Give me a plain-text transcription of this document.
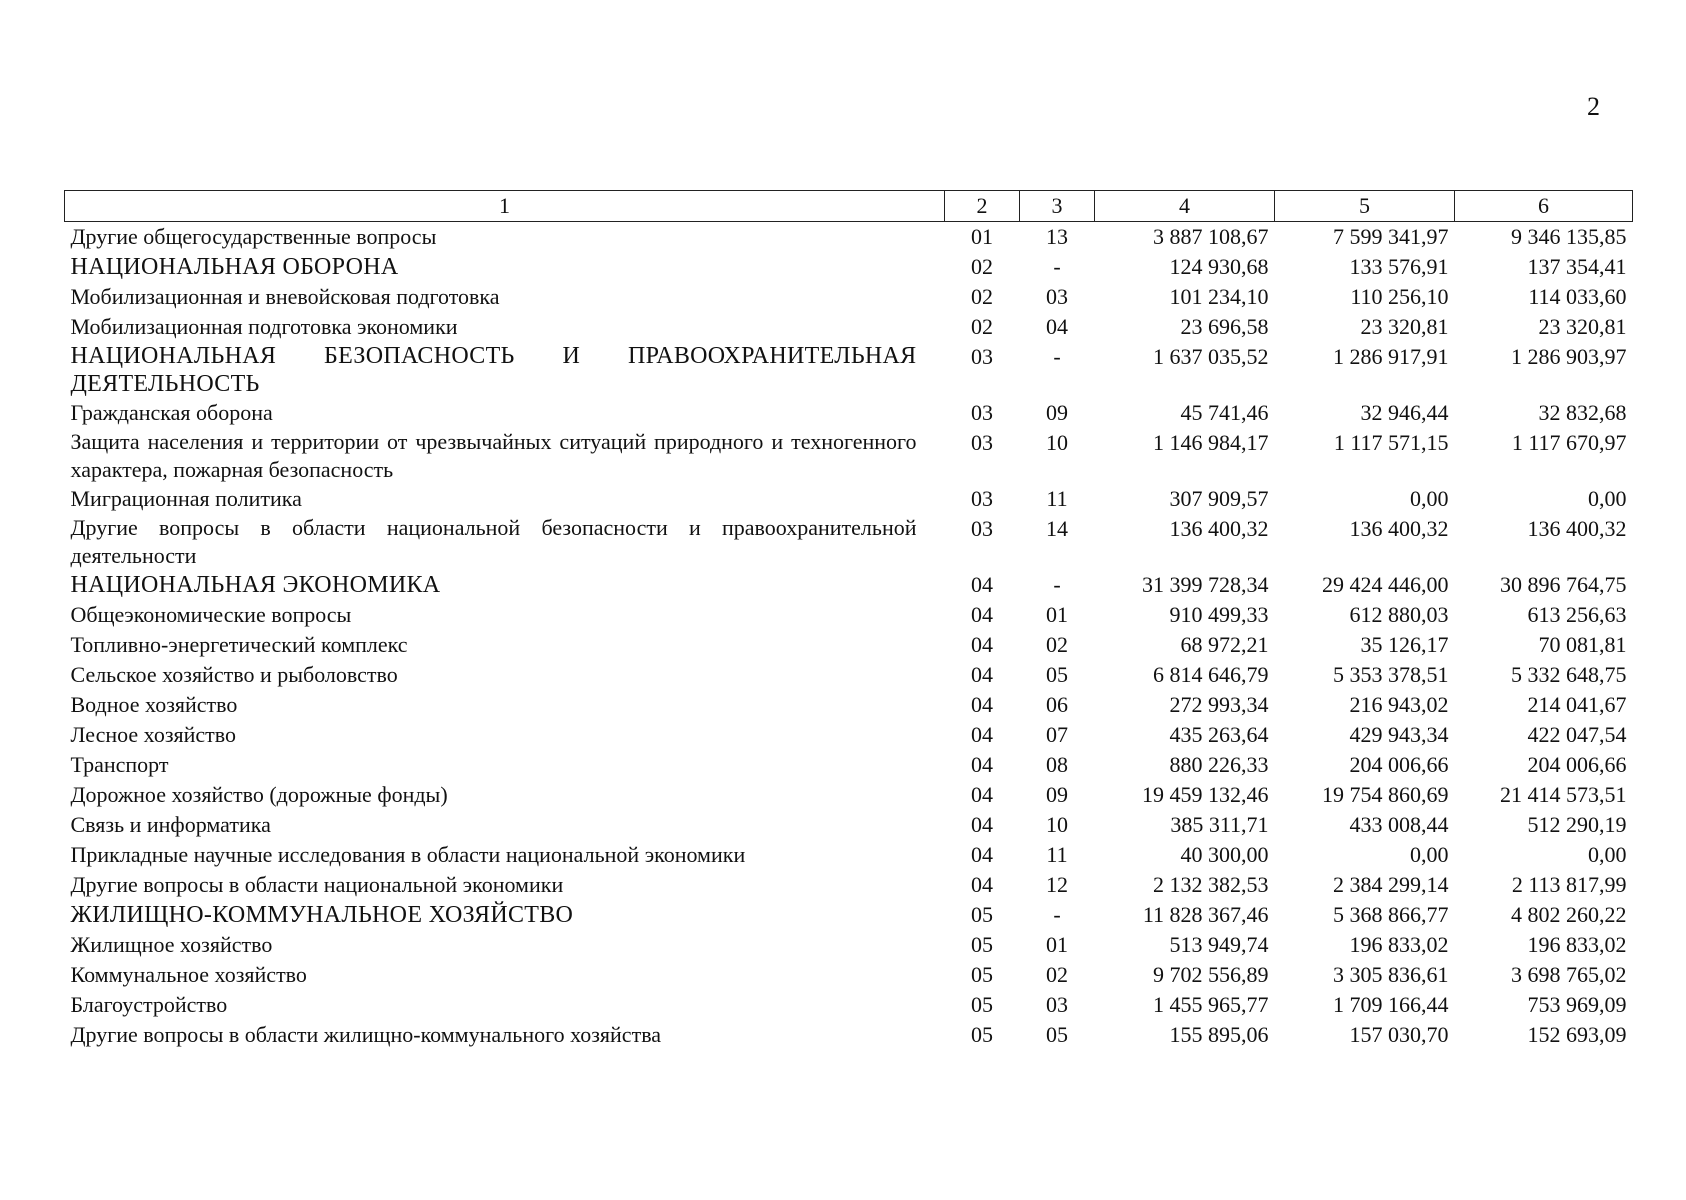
2
1	2	3	4	5	6
Другие общегосударственные вопросы	01	13	3 887 108,67	7 599 341,97	9 346 135,85
НАЦИОНАЛЬНАЯ ОБОРОНА	02	-	124 930,68	133 576,91	137 354,41
Мобилизационная и вневойсковая подготовка	02	03	101 234,10	110 256,10	114 033,60
Мобилизационная подготовка экономики	02	04	23 696,58	23 320,81	23 320,81
НАЦИОНАЛЬНАЯ БЕЗОПАСНОСТЬ И ПРАВООХРАНИТЕЛЬНАЯ ДЕЯТЕЛЬНОСТЬ	03	-	1 637 035,52	1 286 917,91	1 286 903,97
Гражданская оборона	03	09	45 741,46	32 946,44	32 832,68
Защита населения и территории от чрезвычайных ситуаций природного и техногенного характера, пожарная безопасность	03	10	1 146 984,17	1 117 571,15	1 117 670,97
Миграционная политика	03	11	307 909,57	0,00	0,00
Другие вопросы в области национальной безопасности и правоохранительной деятельности	03	14	136 400,32	136 400,32	136 400,32
НАЦИОНАЛЬНАЯ ЭКОНОМИКА	04	-	31 399 728,34	29 424 446,00	30 896 764,75
Общеэкономические вопросы	04	01	910 499,33	612 880,03	613 256,63
Топливно-энергетический комплекс	04	02	68 972,21	35 126,17	70 081,81
Сельское хозяйство и рыболовство	04	05	6 814 646,79	5 353 378,51	5 332 648,75
Водное хозяйство	04	06	272 993,34	216 943,02	214 041,67
Лесное хозяйство	04	07	435 263,64	429 943,34	422 047,54
Транспорт	04	08	880 226,33	204 006,66	204 006,66
Дорожное хозяйство (дорожные фонды)	04	09	19 459 132,46	19 754 860,69	21 414 573,51
Связь и информатика	04	10	385 311,71	433 008,44	512 290,19
Прикладные научные исследования в области национальной экономики	04	11	40 300,00	0,00	0,00
Другие вопросы в области национальной экономики	04	12	2 132 382,53	2 384 299,14	2 113 817,99
ЖИЛИЩНО-КОММУНАЛЬНОЕ ХОЗЯЙСТВО	05	-	11 828 367,46	5 368 866,77	4 802 260,22
Жилищное хозяйство	05	01	513 949,74	196 833,02	196 833,02
Коммунальное хозяйство	05	02	9 702 556,89	3 305 836,61	3 698 765,02
Благоустройство	05	03	1 455 965,77	1 709 166,44	753 969,09
Другие вопросы в области жилищно-коммунального хозяйства	05	05	155 895,06	157 030,70	152 693,09
